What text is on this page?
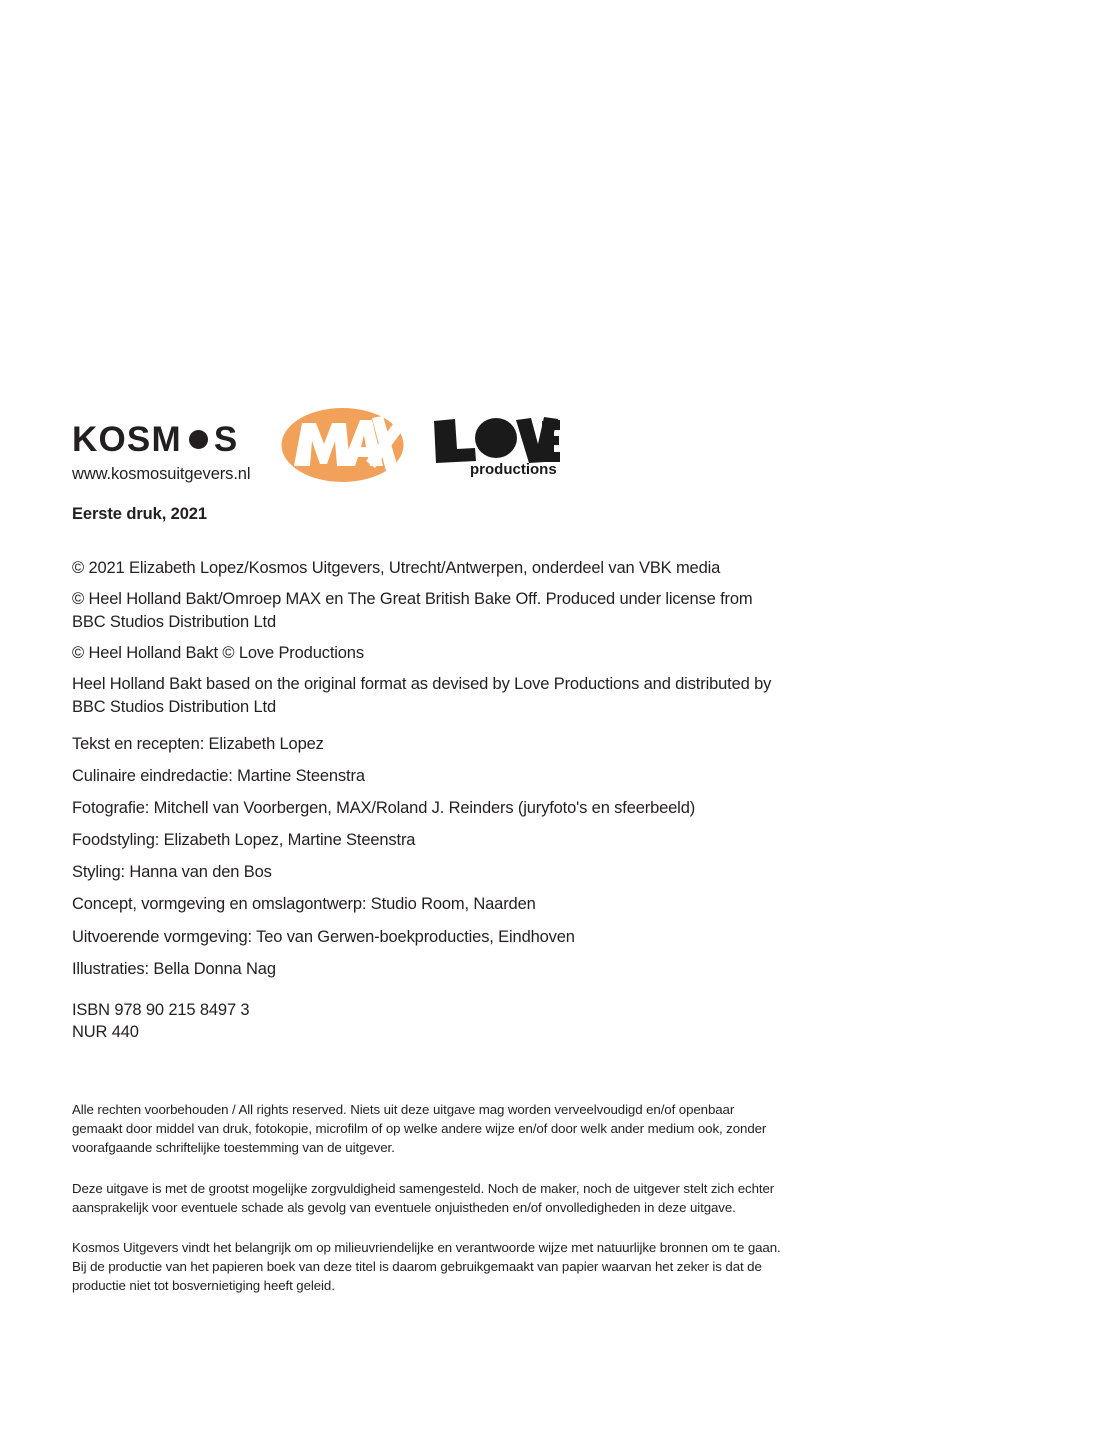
KOSM S
www.kosmosuitgevers.nl	productions
Eerste druk, 2021

© 2021 Elizabeth Lopez/Kosmos Uitgevers, Utrecht/Antwerpen, onderdeel van VBK media

© Heel Holland Bakt/Omroep MAX en The Great British Bake Off. Produced under license from BBC Studios Distribution Ltd

© Heel Holland Bakt © Love Productions

Heel Holland Bakt based on the original format as devised by Love Productions and distributed by BBC Studios Distribution Ltd

Tekst en recepten: Elizabeth Lopez

Culinaire eindredactie: Martine Steenstra

Fotografie: Mitchell van Voorbergen, MAX/Roland J. Reinders (juryfoto's en sfeerbeeld)

Foodstyling: Elizabeth Lopez, Martine Steenstra

Styling: Hanna van den Bos

Concept, vormgeving en omslagontwerp: Studio Room, Naarden

Uitvoerende vormgeving: Teo van Gerwen-boekproducties, Eindhoven

Illustraties: Bella Donna Nag

ISBN 978 90 215 8497 3

NUR 440

Alle rechten voorbehouden / All rights reserved. Niets uit deze uitgave mag worden verveelvoudigd en/of openbaar gemaakt door middel van druk, fotokopie, microfilm of op welke andere wijze en/of door welk ander medium ook, zonder voorafgaande schriftelijke toestemming van de uitgever.

Deze uitgave is met de grootst mogelijke zorgvuldigheid samengesteld. Noch de maker, noch de uitgever stelt zich echter aansprakelijk voor eventuele schade als gevolg van eventuele onjuistheden en/of onvolledigheden in deze uitgave.

Kosmos Uitgevers vindt het belangrijk om op milieuvriendelijke en verantwoorde wijze met natuurlijke bronnen om te gaan. Bij de productie van het papieren boek van deze titel is daarom gebruikgemaakt van papier waarvan het zeker is dat de productie niet tot bosvernietiging heeft geleid.
